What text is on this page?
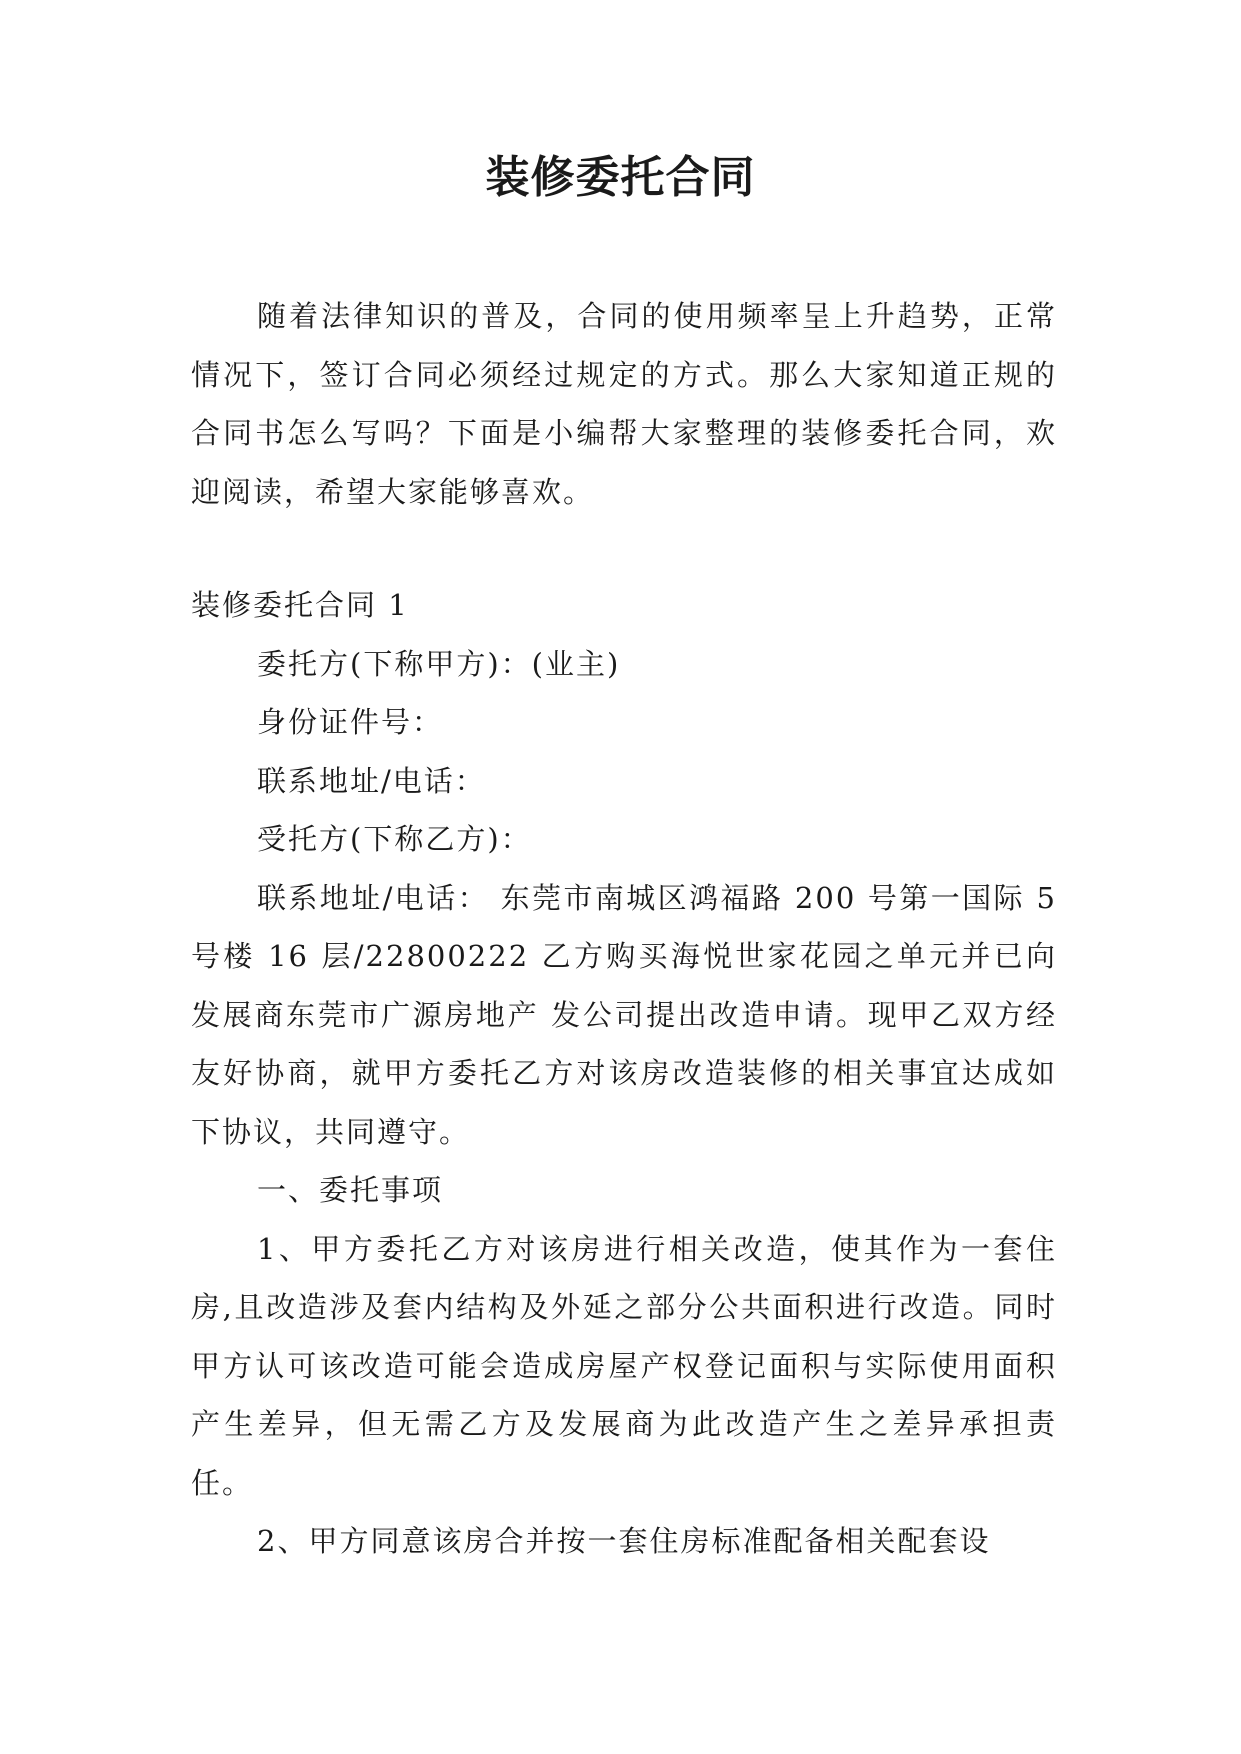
装修委托合同

随着法律知识的普及，合同的使用频率呈上升趋势，正常情况下，签订合同必须经过规定的方式。那么大家知道正规的合同书怎么写吗？下面是小编帮大家整理的装修委托合同，欢迎阅读，希望大家能够喜欢。

装修委托合同 1

委托方(下称甲方)：(业主)

身份证件号：

联系地址/电话：

受托方(下称乙方)：

联系地址/电话： 东莞市南城区鸿福路 200 号第一国际 5 号楼 16 层/22800222 乙方购买海悦世家花园之单元并已向发展商东莞市广源房地产 发公司提出改造申请。现甲乙双方经友好协商，就甲方委托乙方对该房改造装修的相关事宜达成如下协议，共同遵守。

一、委托事项

1、甲方委托乙方对该房进行相关改造，使其作为一套住房,且改造涉及套内结构及外延之部分公共面积进行改造。同时甲方认可该改造可能会造成房屋产权登记面积与实际使用面积产生差异，但无需乙方及发展商为此改造产生之差异承担责任。

2、甲方同意该房合并按一套住房标准配备相关配套设
